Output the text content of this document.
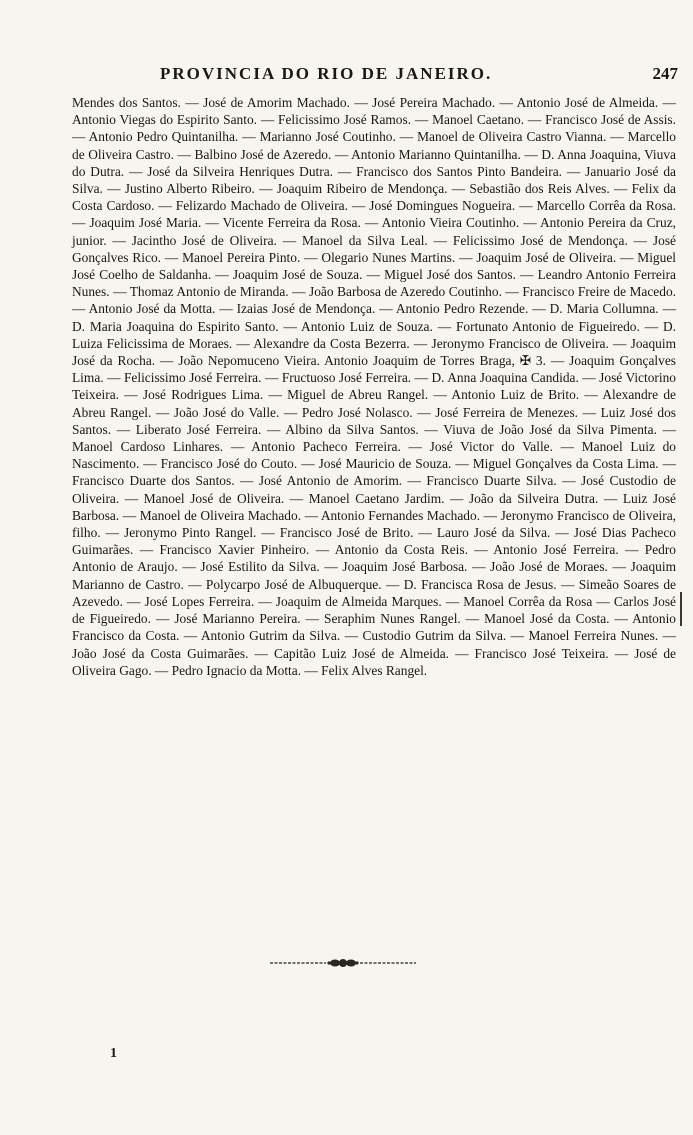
PROVINCIA DO RIO DE JANEIRO.	247
Mendes dos Santos. — José de Amorim Machado. — José Pereira Machado. — Antonio José de Almeida. — Antonio Viegas do Espirito Santo. — Felicissimo José Ramos. — Manoel Caetano. — Francisco José de Assis. — Antonio Pedro Quintanilha. — Marianno José Coutinho. — Manoel de Oliveira Castro Vianna. — Marcello de Oliveira Castro. — Balbino José de Azeredo. — Antonio Marianno Quintanilha. — D. Anna Joaquina, Viuva do Dutra. — José da Silveira Henriques Dutra. — Francisco dos Santos Pinto Bandeira. — Januario José da Silva. — Justino Alberto Ribeiro. — Joaquim Ribeiro de Mendonça. — Sebastião dos Reis Alves. — Felix da Costa Cardoso. — Felizardo Machado de Oliveira. — José Domingues Nogueira. — Marcello Corrêa da Rosa. — Joaquim José Maria. — Vicente Ferreira da Rosa. — Antonio Vieira Coutinho. — Antonio Pereira da Cruz, junior. — Jacintho José de Oliveira. — Manoel da Silva Leal. — Felicissimo José de Mendonça. — José Gonçalves Rico. — Manoel Pereira Pinto. — Olegario Nunes Martins. — Joaquim José de Oliveira. — Miguel José Coelho de Saldanha. — Joaquim José de Souza. — Miguel José dos Santos. — Leandro Antonio Ferreira Nunes. — Thomaz Antonio de Miranda. — João Barbosa de Azeredo Coutinho. — Francisco Freire de Macedo. — Antonio José da Motta. — Izaias José de Mendonça. — Antonio Pedro Rezende. — D. Maria Collumna. — D. Maria Joaquina do Espirito Santo. — Antonio Luiz de Souza. — Fortunato Antonio de Figueiredo. — D. Luiza Felicissima de Moraes. — Alexandre da Costa Bezerra. — Jeronymo Francisco de Oliveira. — Joaquim José da Rocha. — João Nepomuceno Vieira. Antonio Joaquim de Torres Braga, ✠ 3. — Joaquim Gonçalves Lima. — Felicissimo José Ferreira. — Fructuoso José Ferreira. — D. Anna Joaquina Candida. — José Victorino Teixeira. — José Rodrigues Lima. — Miguel de Abreu Rangel. — Antonio Luiz de Brito. — Alexandre de Abreu Rangel. — João José do Valle. — Pedro José Nolasco. — José Ferreira de Menezes. — Luiz José dos Santos. — Liberato José Ferreira. — Albino da Silva Santos. — Viuva de João José da Silva Pimenta. — Manoel Cardoso Linhares. — Antonio Pacheco Ferreira. — José Victor do Valle. — Manoel Luiz do Nascimento. — Francisco José do Couto. — José Mauricio de Souza. — Miguel Gonçalves da Costa Lima. — Francisco Duarte dos Santos. — José Antonio de Amorim. — Francisco Duarte Silva. — José Custodio de Oliveira. — Manoel José de Oliveira. — Manoel Caetano Jardim. — João da Silveira Dutra. — Luiz José Barbosa. — Manoel de Oliveira Machado. — Antonio Fernandes Machado. — Jeronymo Francisco de Oliveira, filho. — Jeronymo Pinto Rangel. — Francisco José de Brito. — Lauro José da Silva. — José Dias Pacheco Guimarães. — Francisco Xavier Pinheiro. — Antonio da Costa Reis. — Antonio José Ferreira. — Pedro Antonio de Araujo. — José Estilito da Silva. — Joaquim José Barbosa. — João José de Moraes. — Joaquim Marianno de Castro. — Polycarpo José de Albuquerque. — D. Francisca Rosa de Jesus. — Simeão Soares de Azevedo. — José Lopes Ferreira. — Joaquim de Almeida Marques. — Manoel Corrêa da Rosa — Carlos José de Figueiredo. — José Marianno Pereira. — Seraphim Nunes Rangel. — Manoel José da Costa. — Antonio Francisco da Costa. — Antonio Gutrim da Silva. — Custodio Gutrim da Silva. — Manoel Ferreira Nunes. — João José da Costa Guimarães. — Capitão Luiz José de Almeida. — Francisco José Teixeira. — José de Oliveira Gago. — Pedro Ignacio da Motta. — Felix Alves Rangel.
1
